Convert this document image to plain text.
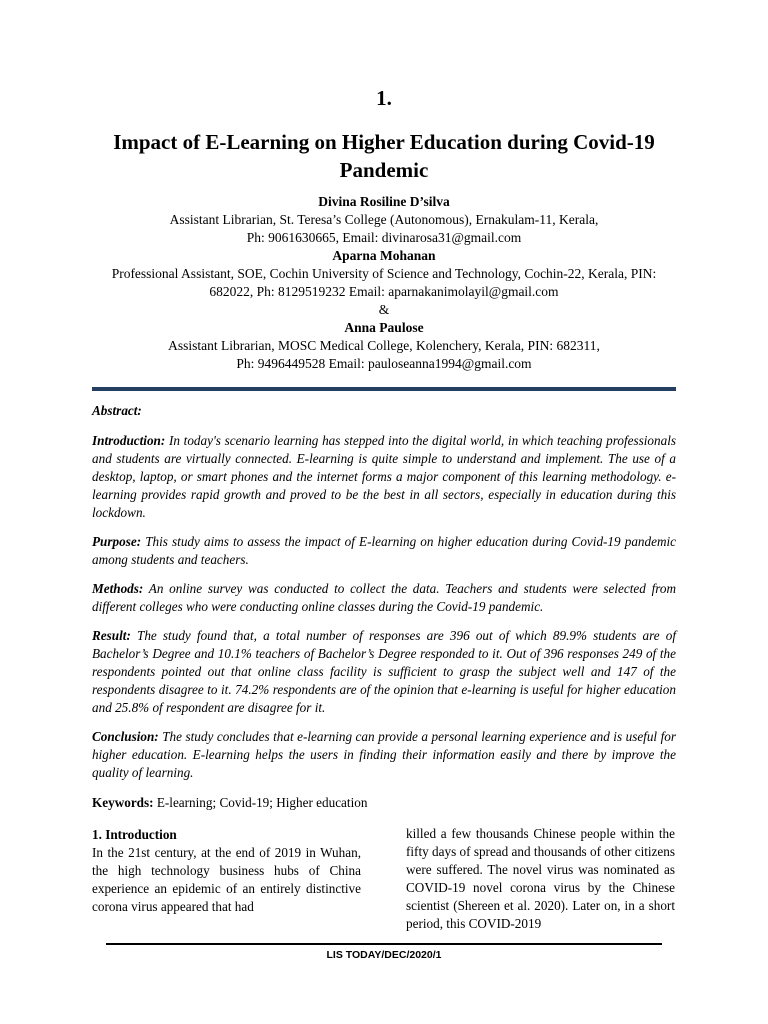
1.
Impact of E-Learning on Higher Education during Covid-19 Pandemic
Divina Rosiline D’silva
Assistant Librarian, St. Teresa’s College (Autonomous), Ernakulam-11, Kerala,
Ph: 9061630665, Email: divinarosa31@gmail.com
Aparna Mohanan
Professional Assistant, SOE, Cochin University of Science and Technology, Cochin-22, Kerala, PIN:
682022, Ph: 8129519232 Email: aparnakanimolayil@gmail.com
&
Anna Paulose
Assistant Librarian, MOSC Medical College, Kolenchery, Kerala, PIN: 682311,
Ph: 9496449528 Email: pauloseanna1994@gmail.com

Abstract:

Introduction: In today's scenario learning has stepped into the digital world, in which teaching professionals and students are virtually connected. E-learning is quite simple to understand and implement. The use of a desktop, laptop, or smart phones and the internet forms a major component of this learning methodology. e-learning provides rapid growth and proved to be the best in all sectors, especially in education during this lockdown.

Purpose: This study aims to assess the impact of E-learning on higher education during Covid-19 pandemic among students and teachers.

Methods: An online survey was conducted to collect the data. Teachers and students were selected from different colleges who were conducting online classes during the Covid-19 pandemic.

Result: The study found that, a total number of responses are 396 out of which 89.9% students are of Bachelor’s Degree and 10.1% teachers of Bachelor’s Degree responded to it. Out of 396 responses 249 of the respondents pointed out that online class facility is sufficient to grasp the subject well and 147 of the respondents disagree to it. 74.2% respondents are of the opinion that e-learning is useful for higher education and 25.8% of respondent are disagree for it.

Conclusion: The study concludes that e-learning can provide a personal learning experience and is useful for higher education. E-learning helps the users in finding their information easily and there by improve the quality of learning.

Keywords: E-learning; Covid-19; Higher education

1. Introduction
In the 21st century, at the end of 2019 in Wuhan, the high technology business hubs of China experience an epidemic of an entirely distinctive corona virus appeared that had
killed a few thousands Chinese people within the fifty days of spread and thousands of other citizens were suffered. The novel virus was nominated as COVID-19 novel corona virus by the Chinese scientist (Shereen et al. 2020). Later on, in a short period, this COVID-2019
LIS TODAY/DEC/2020/1
